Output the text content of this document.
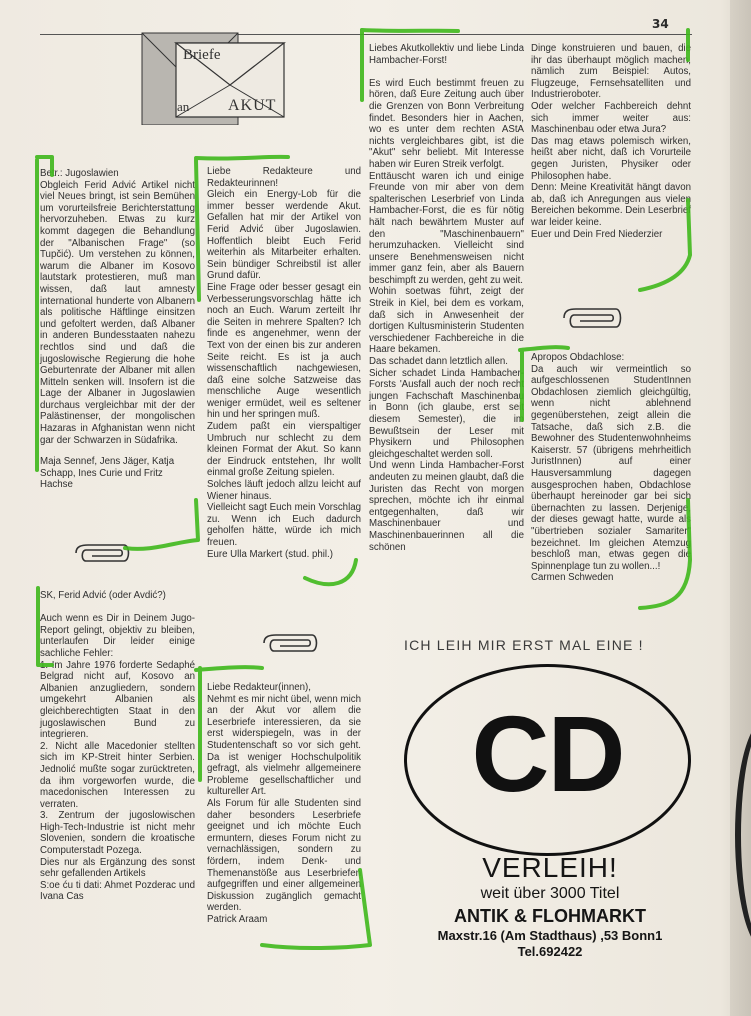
34
Briefe
an AKUT

Betr.: Jugoslawien
Obgleich Ferid Advić Artikel nicht viel Neues bringt, ist sein Bemühen um vorurteilsfreie Berichterstattung hervorzuheben. Etwas zu kurz kommt dagegen die Behandlung der "Albanischen Frage" (so Tupčić). Um verstehen zu können, warum die Albaner im Kosovo lautstark protestieren, muß man wissen, daß laut amnesty international hunderte von Albanern als politische Häftlinge einsitzen und gefoltert werden, daß Albaner in anderen Bundesstaaten nahezu rechtlos sind und daß die jugoslowische Regierung die hohe Geburtenrate der Albaner mit allen Mitteln senken will. Insofern ist die Lage der Albaner in Jugoslawien durchaus vergleichbar mit der der Palästinenser, der mongolischen Hazaras in Afghanistan wenn nicht gar der Schwarzen in Südafrika.

Maja Sennef, Jens Jäger, Katja Schapp, Ines Curie und Fritz Hachse

SK, Ferid Advić (oder Avdić?)

Auch wenn es Dir in Deinem Jugo-Report gelingt, objektiv zu bleiben, unterlaufen Dir leider einige sachliche Fehler:
1. Im Jahre 1976 forderte Sedaphé Belgrad nicht auf, Kosovo an Albanien anzugliedern, sondern umgekehrt Albanien als gleichberechtigten Staat in den jugoslawischen Bund zu integrieren.
2. Nicht alle Macedonier stellten sich im KP-Streit hinter Serbien. Jednolić mußte sogar zurücktreten, da ihm vorgeworfen wurde, die macedonischen Interessen zu verraten.
3. Zentrum der jugoslowischen High-Tech-Industrie ist nicht mehr Slovenien, sondern die kroatische Computerstadt Pozega.
Dies nur als Ergänzung des sonst sehr gefallenden Artikels
S:oe ću ti dati: Ahmet Pozderac und Ivana Cas

Liebe Redakteure und Redakteurinnen!
Gleich ein Energy-Lob für die immer besser werdende Akut. Gefallen hat mir der Artikel von Ferid Advić über Jugoslawien. Hoffentlich bleibt Euch Ferid weiterhin als Mitarbeiter erhalten. Sein bündiger Schreibstil ist aller Grund dafür.
Eine Frage oder besser gesagt ein Verbesserungsvorschlag hätte ich noch an Euch. Warum zerteilt Ihr die Seiten in mehrere Spalten? Ich finde es angenehmer, wenn der Text von der einen bis zur anderen Seite reicht. Es ist ja auch wissenschaftlich nachgewiesen, daß eine solche Satzweise das menschliche Auge wesentlich weniger ermüdet, weil es seltener hin und her springen muß.
Zudem paßt ein vierspaltiger Umbruch nur schlecht zu dem kleinen Format der Akut. So kann der Eindruck entstehen, Ihr wollt einmal große Zeitung spielen.
Solches läuft jedoch allzu leicht auf Wiener hinaus.
Vielleicht sagt Euch mein Vorschlag zu. Wenn ich Euch dadurch geholfen hätte, würde ich mich freuen.
Eure Ulla Markert (stud. phil.)

Liebe Redakteur(innen),
Nehmt es mir nicht übel, wenn mich an der Akut vor allem die Leserbriefe interessieren, da sie erst widerspiegeln, was in der Studentenschaft so vor sich geht. Da ist weniger Hochschulpolitik gefragt, als vielmehr allgemeinere Probleme gesellschaftlicher und kultureller Art.
Als Forum für alle Studenten sind daher besonders Leserbriefe geeignet und ich möchte Euch ermuntern, dieses Forum nicht zu vernachlässigen, sondern zu fördern, indem Denk- und Themenanstöße aus Leserbriefen aufgegriffen und einer allgemeinen Diskussion zugänglich gemacht werden.
Patrick Araam

Liebes Akutkollektiv und liebe Linda Hambacher-Forst!

Es wird Euch bestimmt freuen zu hören, daß Eure Zeitung auch über die Grenzen von Bonn Verbreitung findet. Besonders hier in Aachen, wo es unter dem rechten AStA nichts vergleichbares gibt, ist die "Akut" sehr beliebt. Mit Interesse haben wir Euren Streik verfolgt.
Enttäuscht waren ich und einige Freunde von mir aber von dem spalterischen Leserbrief von Linda Hambacher-Forst, die es für nötig hält nach bewährtem Muster auf den "Maschinenbauern" herumzuhacken. Vielleicht sind unsere Benehmensweisen nicht immer ganz fein, aber als Bauern beschimpft zu werden, geht zu weit.
Wohin soetwas führt, zeigt der Streik in Kiel, bei dem es vorkam, daß sich in Anwesenheit der dortigen Kultusministerin Studenten verschiedener Fachbereiche in die Haare bekamen.
Das schadet dann letztlich allen.
Sicher schadet Linda Hambacher-Forsts 'Ausfall auch der noch recht jungen Fachschaft Maschinenbau in Bonn (ich glaube, erst seit diesem Semester), die im Bewußtsein der Leser mit Physikern und Philosophen gleichgeschaltet werden soll.
Und wenn Linda Hambacher-Forst andeuten zu meinen glaubt, daß die Juristen das Recht von morgen sprechen, möchte ich ihr einmal entgegenhalten, daß wir Maschinenbauer und Maschinenbauerinnen all die schönen

Dinge konstruieren und bauen, die ihr das überhaupt möglich machen, nämlich zum Beispiel: Autos, Flugzeuge, Fernsehsatelliten und Industrieroboter.
Oder welcher Fachbereich dehnt sich immer weiter aus: Maschinenbau oder etwa Jura?
Das mag etaws polemisch wirken, heißt aber nicht, daß ich Vorurteile gegen Juristen, Physiker oder Philosophen habe.
Denn: Meine Kreativität hängt davon ab, daß ich Anregungen aus vielen Bereichen bekomme. Dein Leserbrief war leider keine.
Euer und Dein Fred Niederzier

Apropos Obdachlose:
Da auch wir vermeintlich so aufgeschlossenen StudentInnen Obdachlosen ziemlich gleichgültig, wenn nicht ablehnend gegenüberstehen, zeigt allein die Tatsache, daß sich z.B. die Bewohner des Studentenwohnheims Kaiserstr. 57 (übrigens mehrheitlich JuristInnen) auf einer Hausversammlung dagegen ausgesprochen haben, Obdachlose überhaupt hereinoder gar bei sich übernachten zu lassen. Derjenige, der dieses gewagt hatte, wurde als "übertrieben sozialer Samariter" bezeichnet. Im gleichen Atemzug beschloß man, etwas gegen die Spinnenplage tun zu wollen...!
Carmen Schweden

ICH LEIH MIR ERST MAL EINE !
CD
VERLEIH!
weit über 3000 Titel
ANTIK & FLOHMARKT
Maxstr.16 (Am Stadthaus) ,53 Bonn1
Tel.692422
